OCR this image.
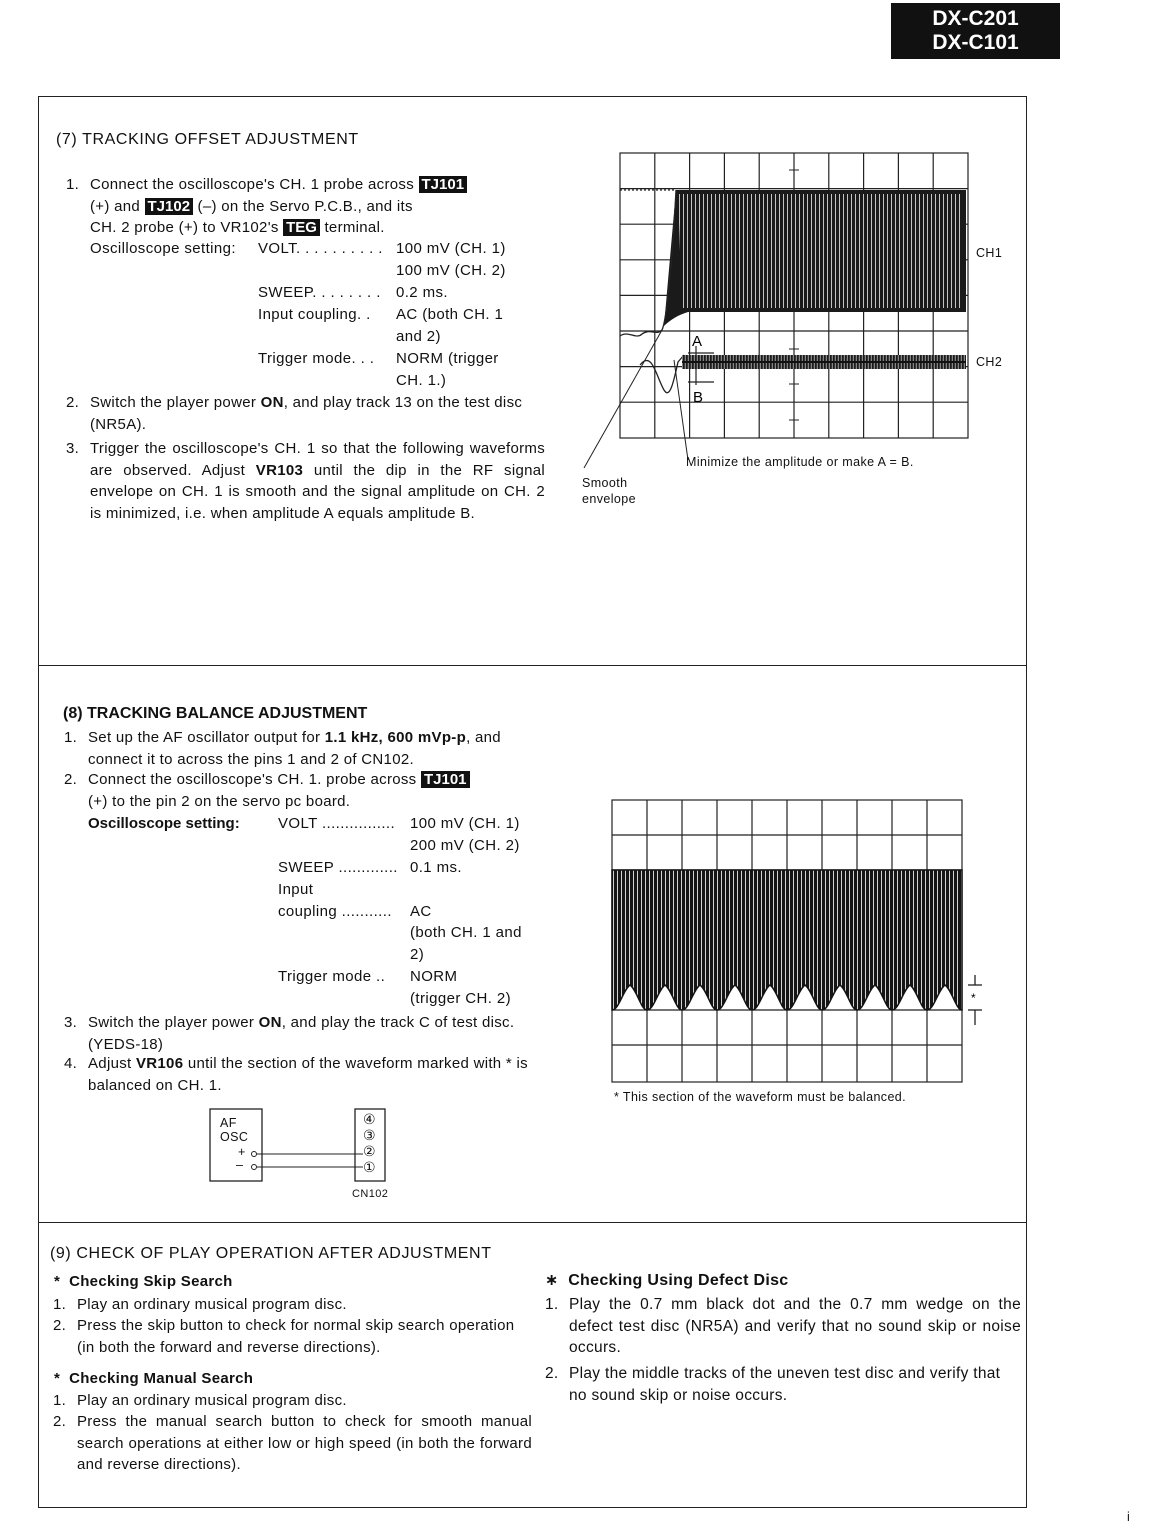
DX-C201
DX-C101
(7) TRACKING OFFSET ADJUSTMENT
1. Connect the oscilloscope's CH. 1 probe across TJ101
(+) and TJ102 (–) on the Servo P.C.B., and its
CH. 2 probe (+) to VR102's TEG terminal.
Oscilloscope setting: VOLT. . . . . . . . . . 100 mV (CH. 1)
100 mV (CH. 2)
SWEEP. . . . . . . . 0.2 ms.
Input coupling. . AC (both CH. 1
and 2)
Trigger mode. . . NORM (trigger
CH. 1.)
2. Switch the player power ON, and play track 13 on the test disc (NR5A).
3. Trigger the oscilloscope's CH. 1 so that the following waveforms are observed. Adjust VR103 until the dip in the RF signal envelope on CH. 1 is smooth and the signal amplitude on CH. 2 is minimized, i.e. when amplitude A equals amplitude B.
A
B
CH1
CH2
Smooth
envelope
Minimize the amplitude or make A = B.
(8) TRACKING BALANCE ADJUSTMENT
1. Set up the AF oscillator output for 1.1 kHz, 600 mVp-p, and connect it to across the pins 1 and 2 of CN102.
2. Connect the oscilloscope's CH. 1. probe across TJ101
(+) to the pin 2 on the servo pc board.
Oscilloscope setting:	VOLT ................ 100 mV (CH. 1)
200 mV (CH. 2)
SWEEP ............. 0.1 ms.
Input
coupling ........... AC
(both CH. 1 and
2)
Trigger mode .. NORM
(trigger CH. 2)
3. Switch the player power ON, and play the track C of test disc. (YEDS-18)
4. Adjust VR106 until the section of the waveform marked with * is balanced on CH. 1.
AF
OSC
+
–
④
③
②
①
CN102
*
* This section of the waveform must be balanced.
(9) CHECK OF PLAY OPERATION AFTER ADJUSTMENT
*  Checking Skip Search
1. Play an ordinary musical program disc.
2. Press the skip button to check for normal skip search operation (in both the forward and reverse directions).
*  Checking Manual Search
1. Play an ordinary musical program disc.
2. Press the manual search button to check for smooth manual search operations at either low or high speed (in both the forward and reverse directions).
∗  Checking Using Defect Disc
1. Play the 0.7 mm black dot and the 0.7 mm wedge on the defect test disc (NR5A) and verify that no sound skip or noise occurs.
2. Play the middle tracks of the uneven test disc and verify that no sound skip or noise occurs.
i
